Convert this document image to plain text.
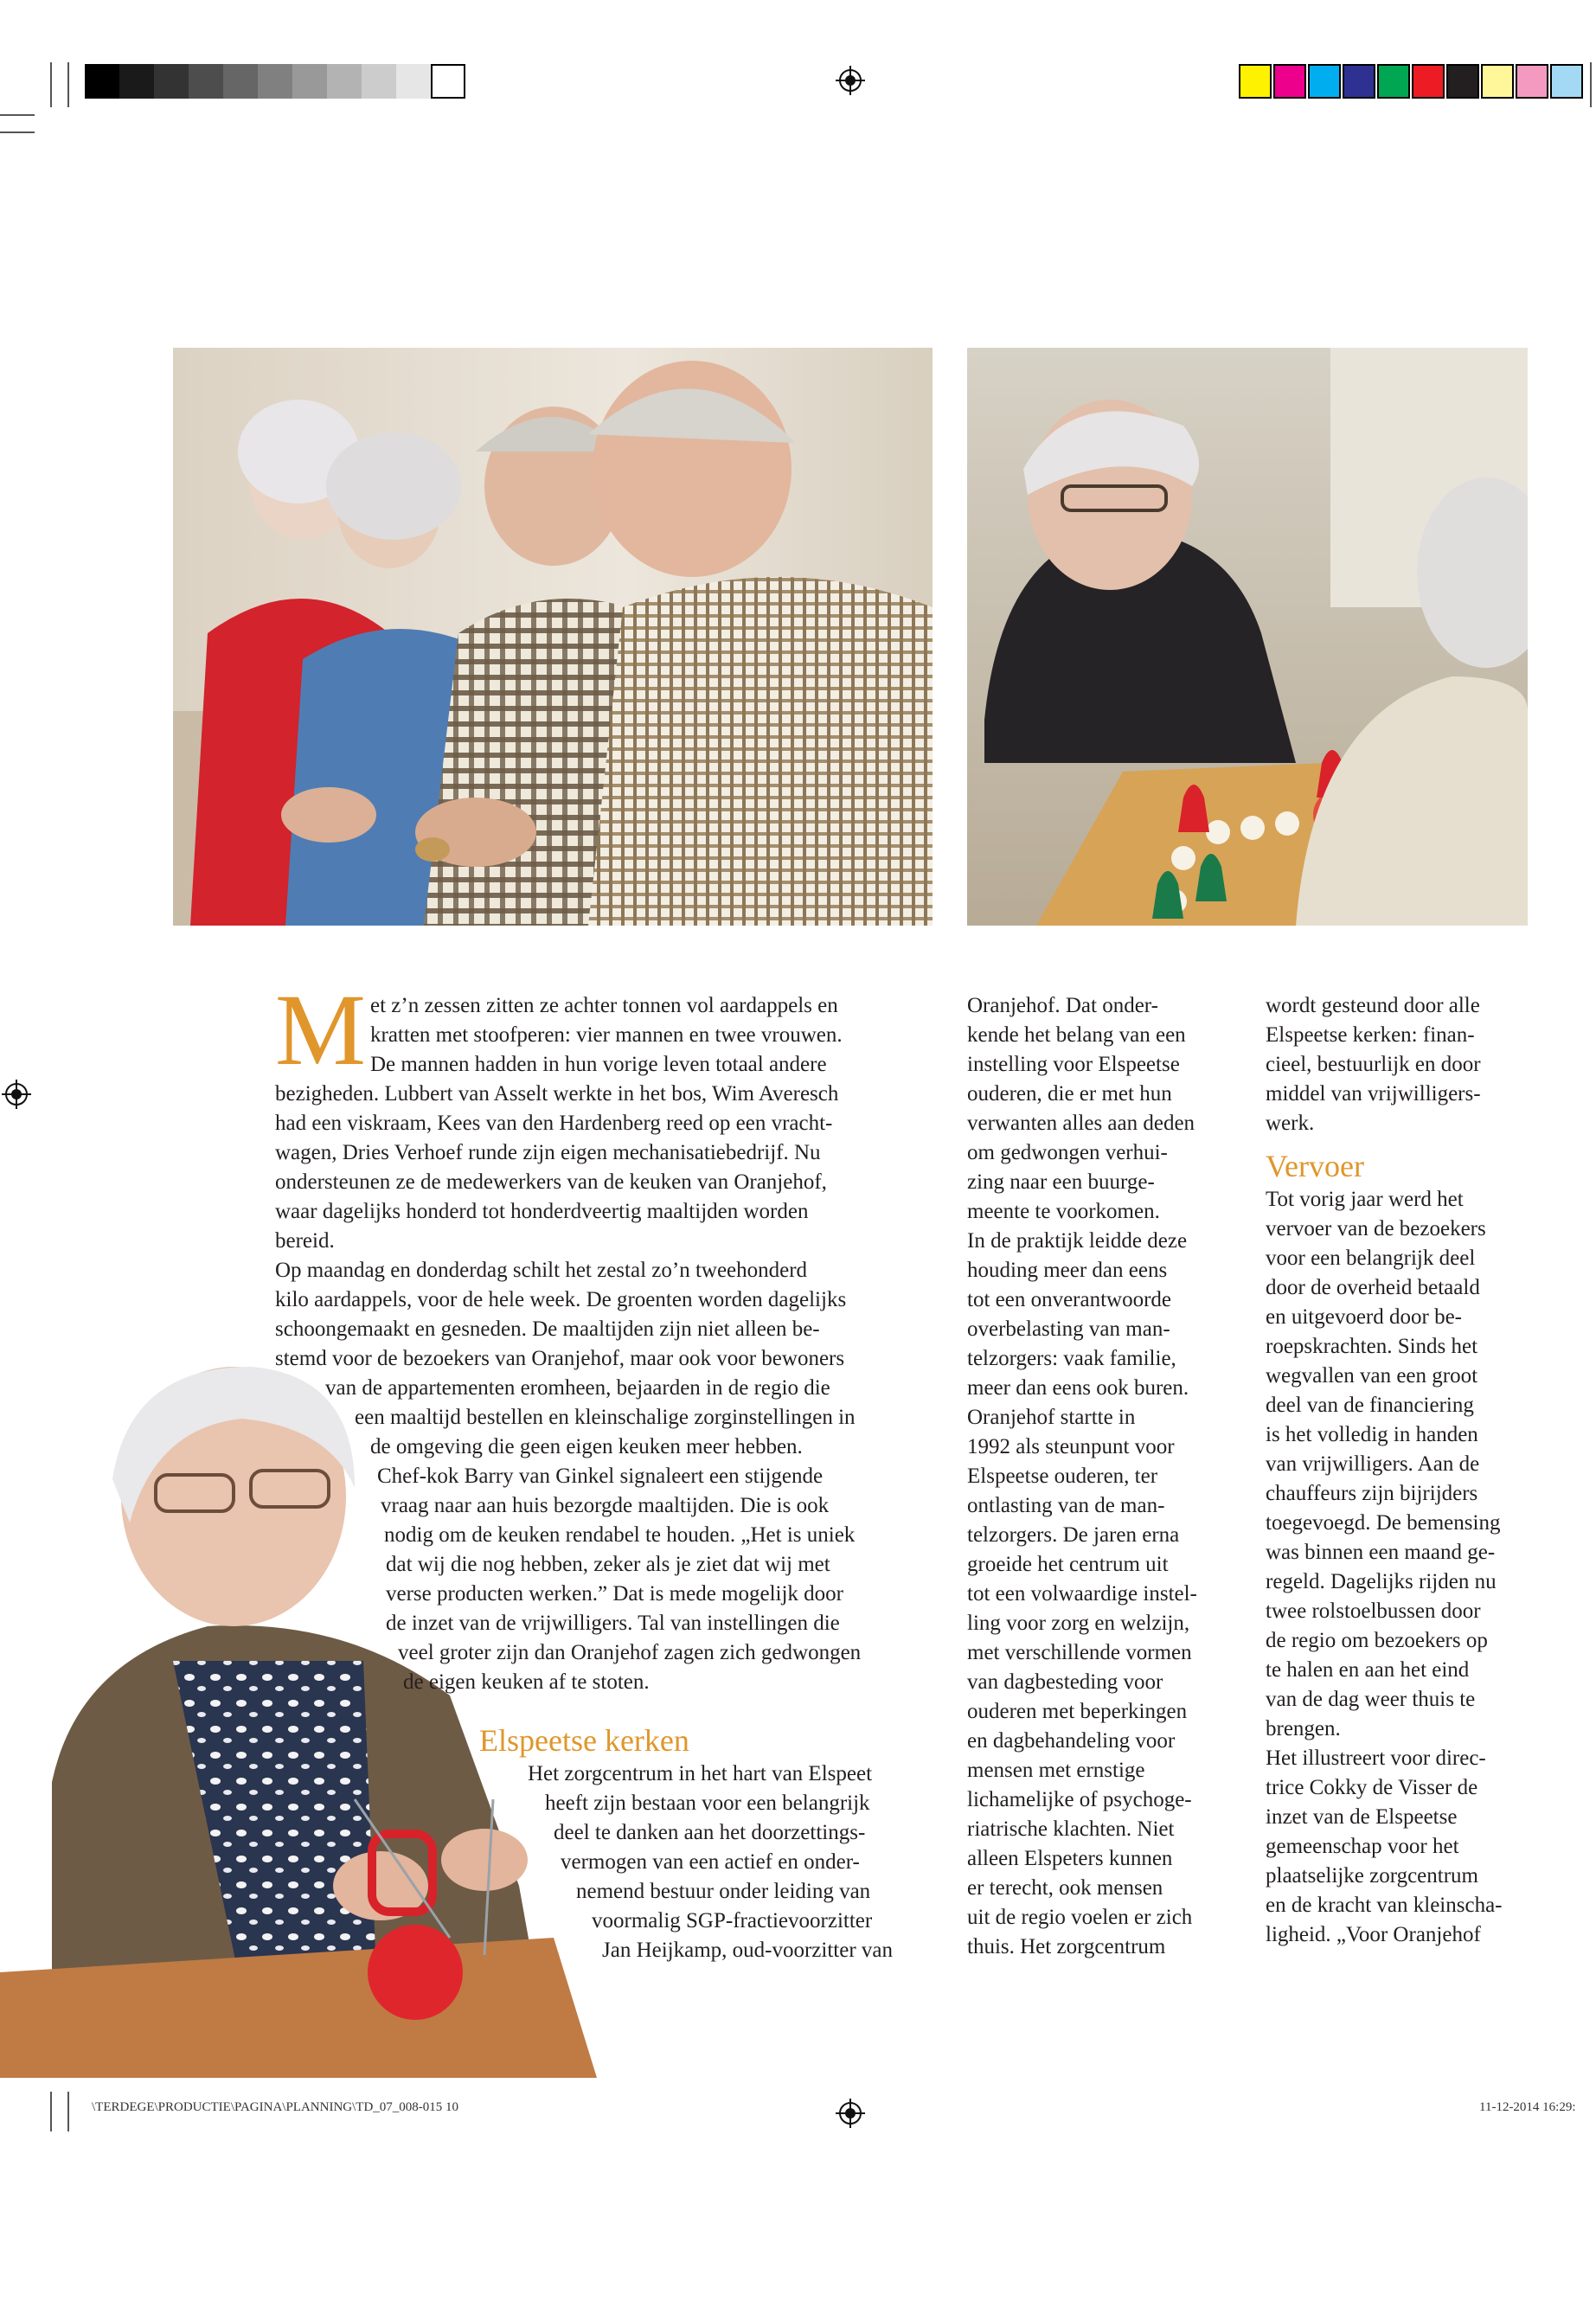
M et z’n zessen zitten ze achter tonnen vol aardappels en

kratten met stoofperen: vier mannen en twee vrouwen.

De mannen hadden in hun vorige leven totaal andere

bezigheden. Lubbert van Asselt werkte in het bos, Wim Averesch

had een viskraam, Kees van den Hardenberg reed op een vracht-

wagen, Dries Verhoef runde zijn eigen mechanisatiebedrijf. Nu

ondersteunen ze de medewerkers van de keuken van Oranjehof,

waar dagelijks honderd tot honderdveertig maaltijden worden

bereid.

Op maandag en donderdag schilt het zestal zo’n tweehonderd

kilo aardappels, voor de hele week. De groenten worden dagelijks

schoongemaakt en gesneden. De maaltijden zijn niet alleen be-

stemd voor de bezoekers van Oranjehof, maar ook voor bewoners

van de appartementen eromheen, bejaarden in de regio die

een maaltijd bestellen en kleinschalige zorginstellingen in

de omgeving die geen eigen keuken meer hebben.

Chef-kok Barry van Ginkel signaleert een stijgende

vraag naar aan huis bezorgde maaltijden. Die is ook

nodig om de keuken rendabel te houden. „Het is uniek

dat wij die nog hebben, zeker als je ziet dat wij met

verse producten werken.” Dat is mede mogelijk door

de inzet van de vrijwilligers. Tal van instellingen die

veel groter zijn dan Oranjehof zagen zich gedwongen

de eigen keuken af te stoten.

Elspeetse kerken

Het zorgcentrum in het hart van Elspeet

heeft zijn bestaan voor een belangrijk

deel te danken aan het doorzettings-

vermogen van een actief en onder-

nemend bestuur onder leiding van

voormalig SGP-fractievoorzitter

Jan Heijkamp, oud-voorzitter van

Oranjehof. Dat onder-

kende het belang van een

instelling voor Elspeetse

ouderen, die er met hun

verwanten alles aan deden

om gedwongen verhui-

zing naar een buurge-

meente te voorkomen.

In de praktijk leidde deze

houding meer dan eens

tot een onverantwoorde

overbelasting van man-

telzorgers: vaak familie,

meer dan eens ook buren.

Oranjehof startte in

1992 als steunpunt voor

Elspeetse ouderen, ter

ontlasting van de man-

telzorgers. De jaren erna

groeide het centrum uit

tot een volwaardige instel-

ling voor zorg en welzijn,

met verschillende vormen

van dagbesteding voor

ouderen met beperkingen

en dagbehandeling voor

mensen met ernstige

lichamelijke of psychoge-

riatrische klachten. Niet

alleen Elspeters kunnen

er terecht, ook mensen

uit de regio voelen er zich

thuis. Het zorgcentrum

wordt gesteund door alle

Elspeetse kerken: finan-

cieel, bestuurlijk en door

middel van vrijwilligers-

werk.

Vervoer

Tot vorig jaar werd het

vervoer van de bezoekers

voor een belangrijk deel

door de overheid betaald

en uitgevoerd door be-

roepskrachten. Sinds het

wegvallen van een groot

deel van de financiering

is het volledig in handen

van vrijwilligers. Aan de

chauffeurs zijn bijrijders

toegevoegd. De bemensing

was binnen een maand ge-

regeld. Dagelijks rijden nu

twee rolstoelbussen door

de regio om bezoekers op

te halen en aan het eind

van de dag weer thuis te

brengen.

Het illustreert voor direc-

trice Cokky de Visser de

inzet van de Elspeetse

gemeenschap voor het

plaatselijke zorgcentrum

en de kracht van kleinscha-

ligheid. „Voor Oranjehof

\TERDEGE\PRODUCTIE\PAGINA\PLANNING\TD_07_008-015 10	11-12-2014 16:29:
